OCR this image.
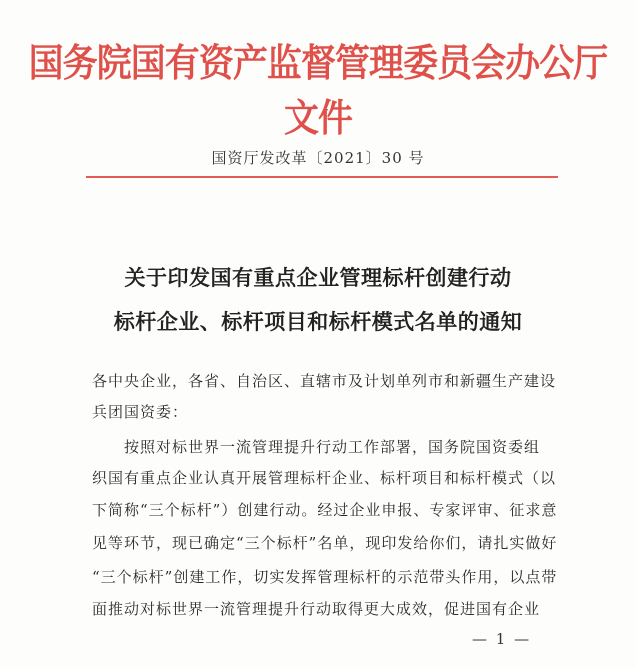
国务院国有资产监督管理委员会办公厅文件
国资厅发改革〔2021〕30 号
关于印发国有重点企业管理标杆创建行动
标杆企业、标杆项目和标杆模式名单的通知
各中央企业，各省、自治区、直辖市及计划单列市和新疆生产建设
兵团国资委：
按照对标世界一流管理提升行动工作部署，国务院国资委组
织国有重点企业认真开展管理标杆企业、标杆项目和标杆模式（以
下简称“三个标杆”）创建行动。经过企业申报、专家评审、征求意
见等环节，现已确定“三个标杆”名单，现印发给你们，请扎实做好
“三个标杆”创建工作，切实发挥管理标杆的示范带头作用，以点带
面推动对标世界一流管理提升行动取得更大成效，促进国有企业
— 1 —
